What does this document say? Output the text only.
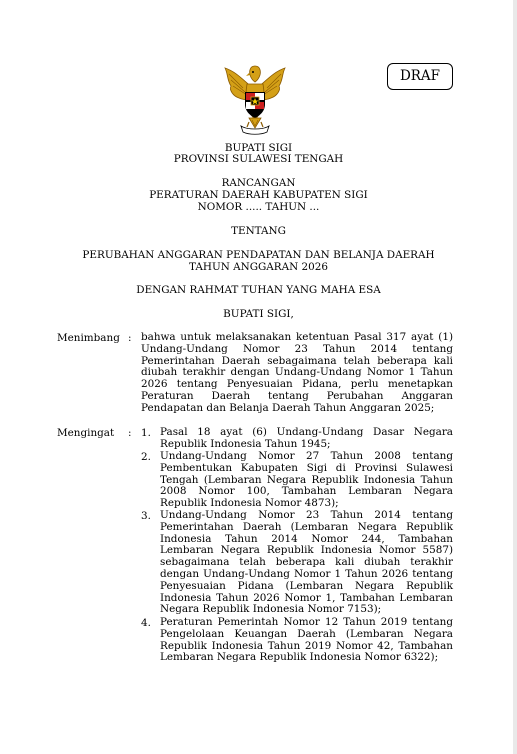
DRAF
BUPATI SIGI
PROVINSI SULAWESI TENGAH
RANCANGAN
PERATURAN DAERAH KABUPATEN SIGI
NOMOR ..... TAHUN ...
TENTANG
PERUBAHAN ANGGARAN PENDAPATAN DAN BELANJA DAERAH
TAHUN ANGGARAN 2026
DENGAN RAHMAT TUHAN YANG MAHA ESA
BUPATI SIGI,
Menimbang : bahwa untuk melaksanakan ketentuan Pasal 317 ayat (1) Undang-Undang Nomor 23 Tahun 2014 tentang Pemerintahan Daerah sebagaimana telah beberapa kali diubah terakhir dengan Undang-Undang Nomor 1 Tahun 2026 tentang Penyesuaian Pidana, perlu menetapkan Peraturan Daerah tentang Perubahan Anggaran Pendapatan dan Belanja Daerah Tahun Anggaran 2025;
Mengingat : 1. Pasal 18 ayat (6) Undang-Undang Dasar Negara Republik Indonesia Tahun 1945;
2. Undang-Undang Nomor 27 Tahun 2008 tentang Pembentukan Kabupaten Sigi di Provinsi Sulawesi Tengah (Lembaran Negara Republik Indonesia Tahun 2008 Nomor 100, Tambahan Lembaran Negara Republik Indonesia Nomor 4873);
3. Undang-Undang Nomor 23 Tahun 2014 tentang Pemerintahan Daerah (Lembaran Negara Republik Indonesia Tahun 2014 Nomor 244, Tambahan Lembaran Negara Republik Indonesia Nomor 5587) sebagaimana telah beberapa kali diubah terakhir dengan Undang-Undang Nomor 1 Tahun 2026 tentang Penyesuaian Pidana (Lembaran Negara Republik Indonesia Tahun 2026 Nomor 1, Tambahan Lembaran Negara Republik Indonesia Nomor 7153);
4. Peraturan Pemerintah Nomor 12 Tahun 2019 tentang Pengelolaan Keuangan Daerah (Lembaran Negara Republik Indonesia Tahun 2019 Nomor 42, Tambahan Lembaran Negara Republik Indonesia Nomor 6322);
